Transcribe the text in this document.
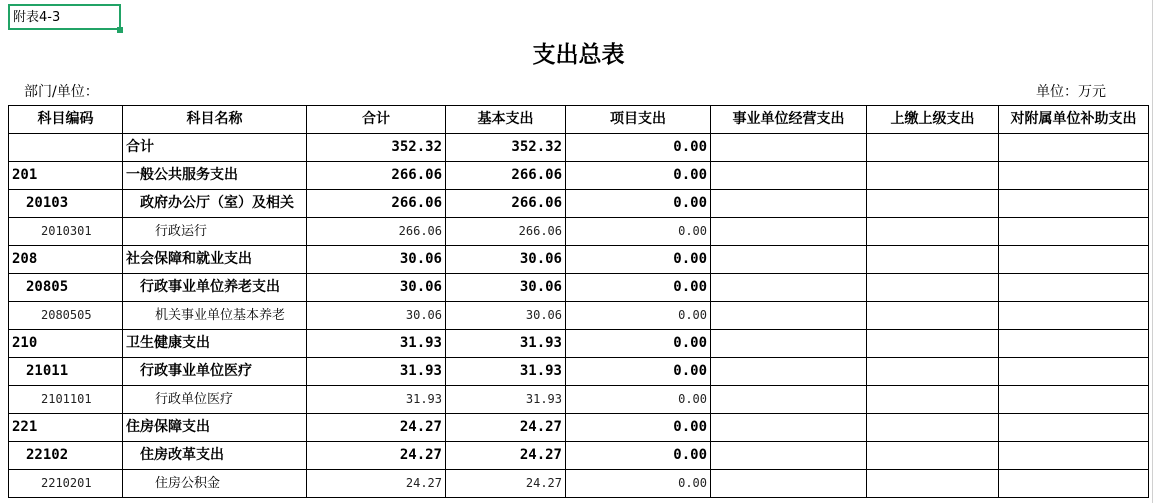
附表4-3
支出总表
部门/单位：	单位：万元
科目编码	科目名称	合计	基本支出	项目支出	事业单位经营支出	上缴上级支出	对附属单位补助支出
	合计	352.32	352.32	0.00			
201	一般公共服务支出	266.06	266.06	0.00			
20103	政府办公厅（室）及相关	266.06	266.06	0.00			
2010301	行政运行	266.06	266.06	0.00			
208	社会保障和就业支出	30.06	30.06	0.00			
20805	行政事业单位养老支出	30.06	30.06	0.00			
2080505	机关事业单位基本养老	30.06	30.06	0.00			
210	卫生健康支出	31.93	31.93	0.00			
21011	行政事业单位医疗	31.93	31.93	0.00			
2101101	行政单位医疗	31.93	31.93	0.00			
221	住房保障支出	24.27	24.27	0.00			
22102	住房改革支出	24.27	24.27	0.00			
2210201	住房公积金	24.27	24.27	0.00			
